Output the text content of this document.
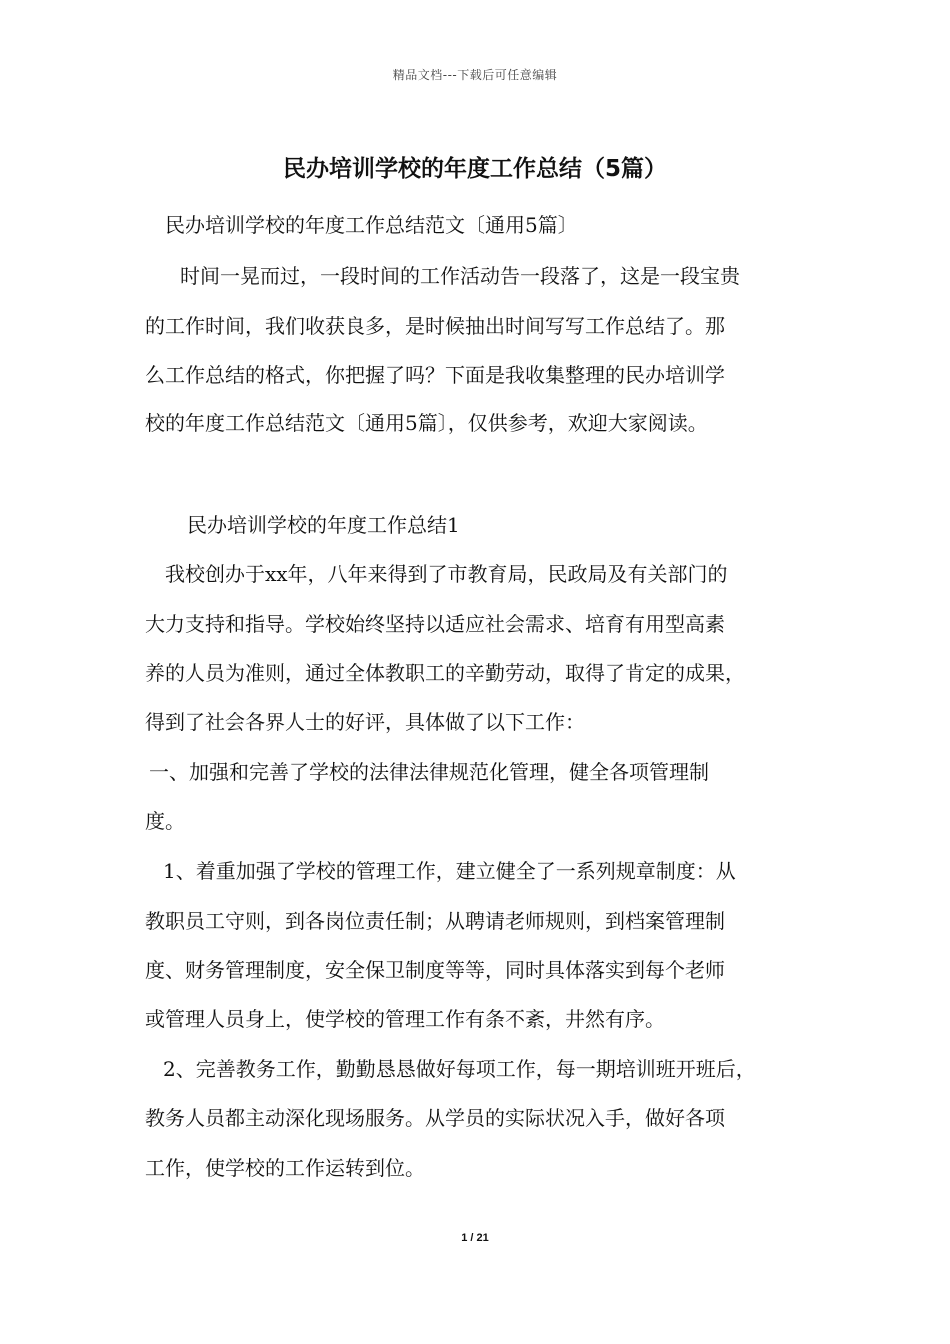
精品文档---下载后可任意编辑
民办培训学校的年度工作总结（5篇）
民办培训学校的年度工作总结范文〔通用5篇〕
时间一晃而过，一段时间的工作活动告一段落了，这是一段宝贵
的工作时间，我们收获良多，是时候抽出时间写写工作总结了。那
么工作总结的格式，你把握了吗？下面是我收集整理的民办培训学
校的年度工作总结范文〔通用5篇〕，仅供参考，欢迎大家阅读。
民办培训学校的年度工作总结1
我校创办于xx年，八年来得到了市教育局，民政局及有关部门的
大力支持和指导。学校始终坚持以适应社会需求、培育有用型高素
养的人员为准则，通过全体教职工的辛勤劳动，取得了肯定的成果，
得到了社会各界人士的好评，具体做了以下工作：
一、加强和完善了学校的法律法律规范化管理，健全各项管理制
度。
1、着重加强了学校的管理工作，建立健全了一系列规章制度：从
教职员工守则，到各岗位责任制；从聘请老师规则，到档案管理制
度、财务管理制度，安全保卫制度等等，同时具体落实到每个老师
或管理人员身上，使学校的管理工作有条不紊，井然有序。
2、完善教务工作，勤勤恳恳做好每项工作，每一期培训班开班后，
教务人员都主动深化现场服务。从学员的实际状况入手，做好各项
工作，使学校的工作运转到位。
1 / 21
